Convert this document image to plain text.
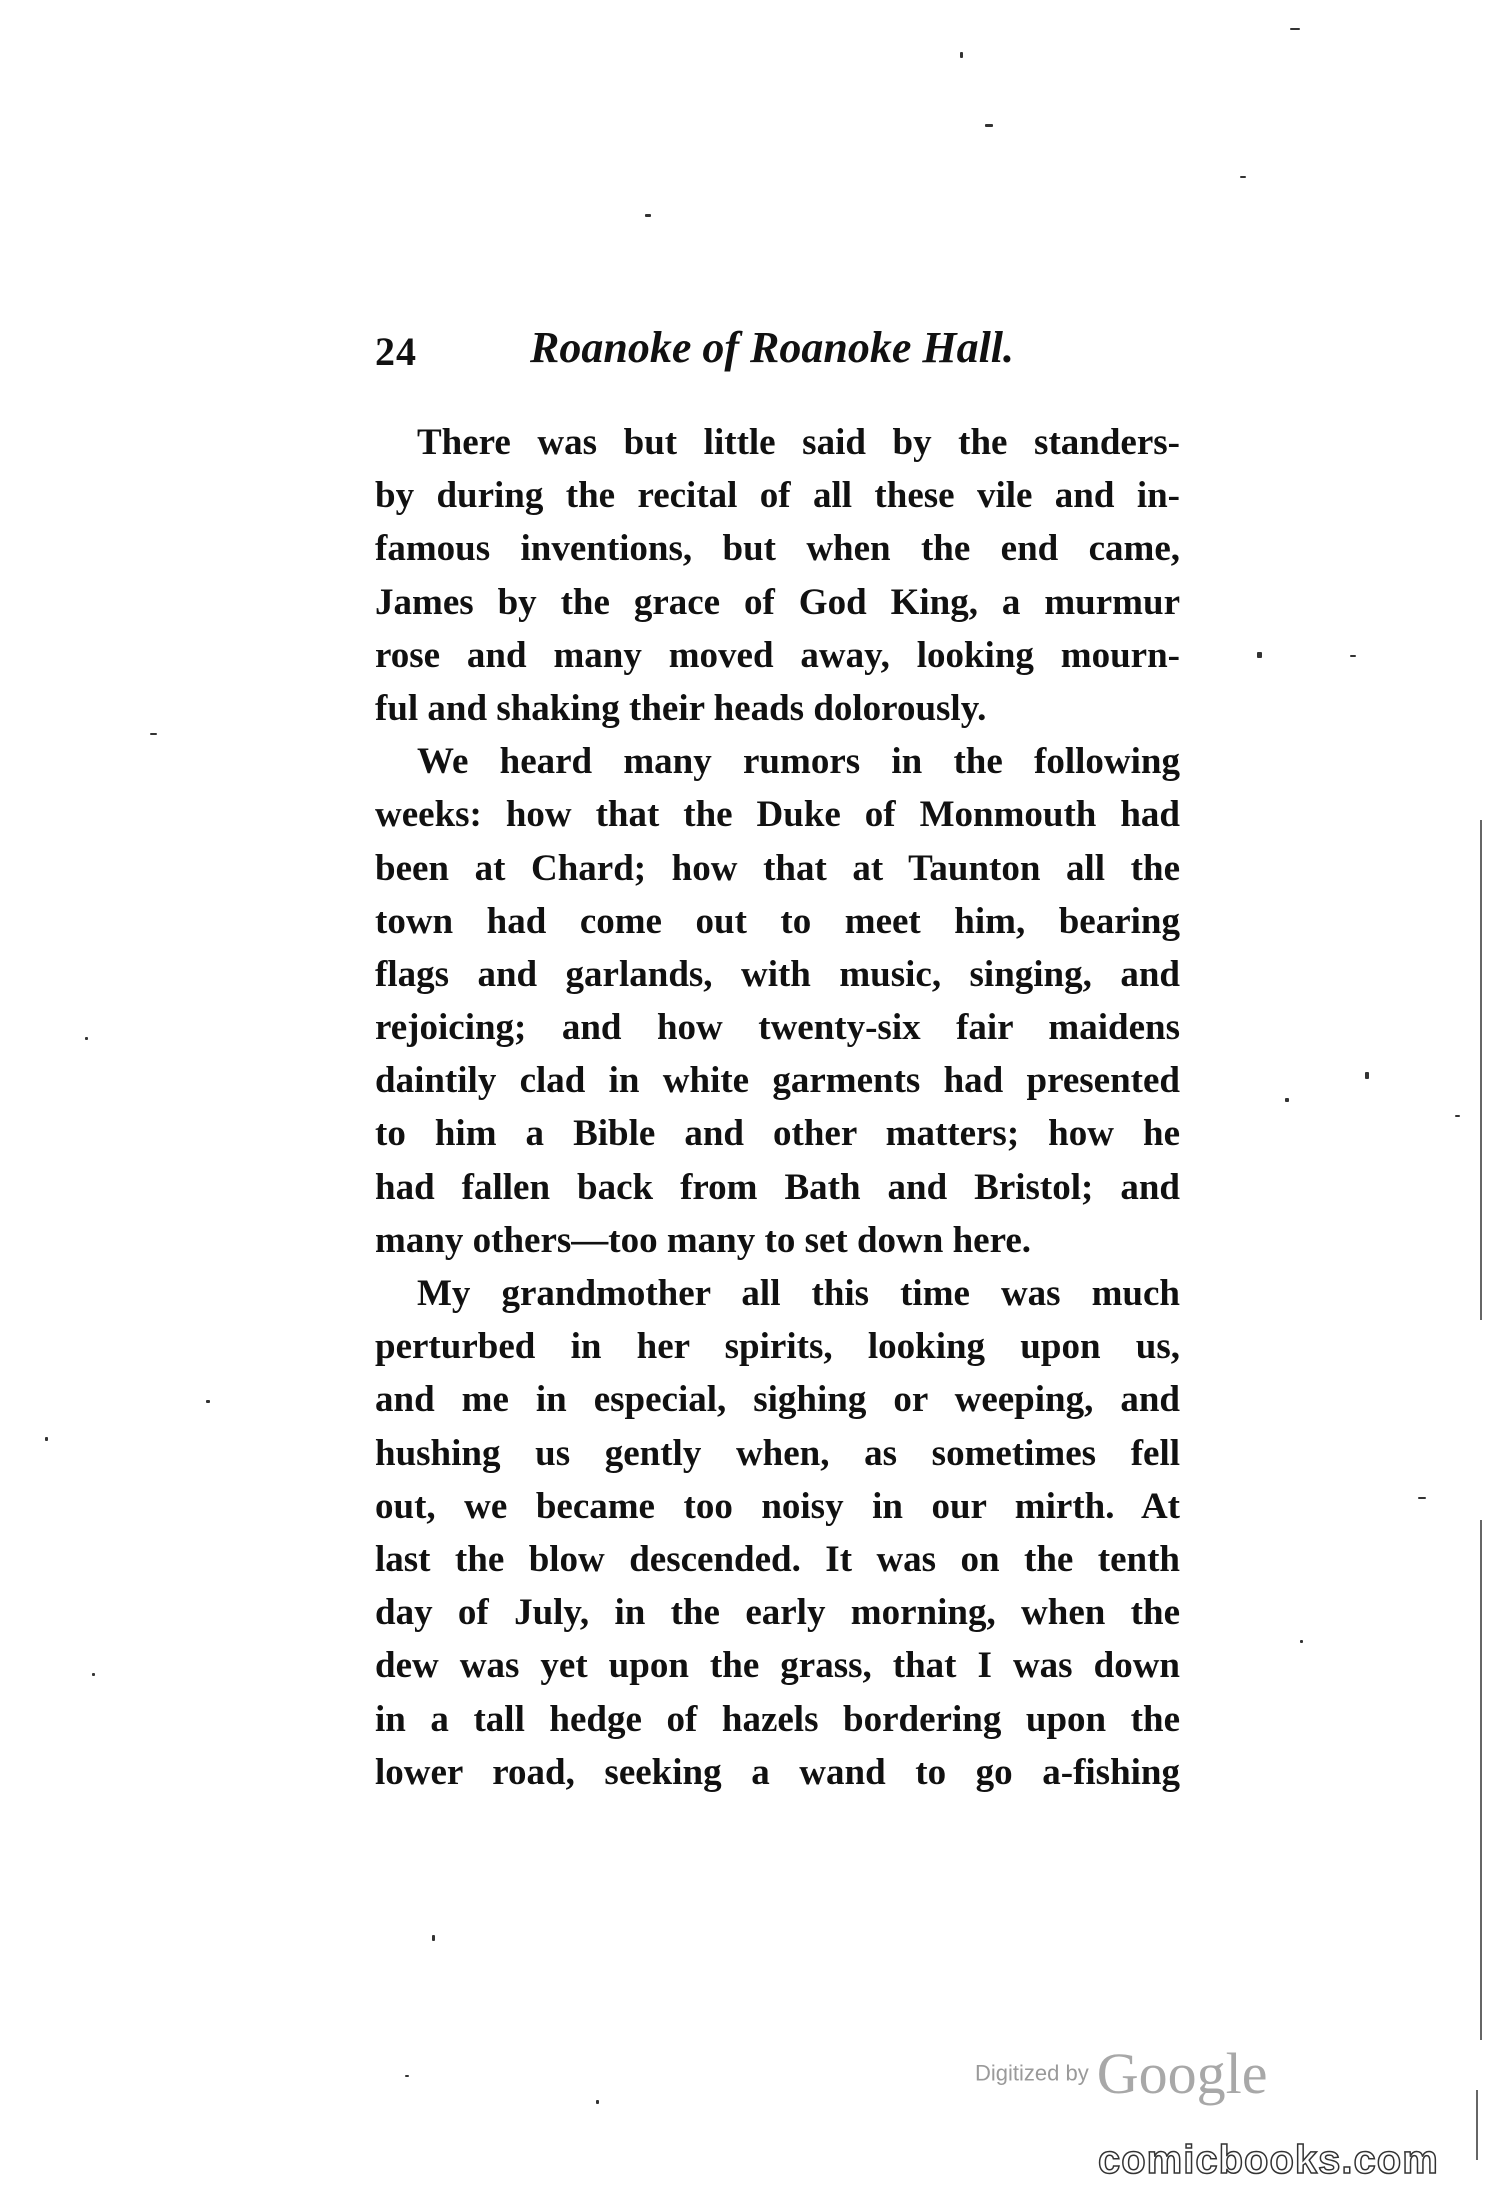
24	Roanoke of Roanoke Hall.
There was but little said by the standers-
by during the recital of all these vile and in-
famous inventions, but when the end came,
James by the grace of God King, a murmur
rose and many moved away, looking mourn-
ful and shaking their heads dolorously.
We heard many rumors in the following
weeks: how that the Duke of Monmouth had
been at Chard; how that at Taunton all the
town had come out to meet him, bearing
flags and garlands, with music, singing, and
rejoicing; and how twenty-six fair maidens
daintily clad in white garments had presented
to him a Bible and other matters; how he
had fallen back from Bath and Bristol; and
many others—too many to set down here.
My grandmother all this time was much
perturbed in her spirits, looking upon us,
and me in especial, sighing or weeping, and
hushing us gently when, as sometimes fell
out, we became too noisy in our mirth. At
last the blow descended. It was on the tenth
day of July, in the early morning, when the
dew was yet upon the grass, that I was down
in a tall hedge of hazels bordering upon the
lower road, seeking a wand to go a-fishing
Digitized by Google
comicbooks.com
